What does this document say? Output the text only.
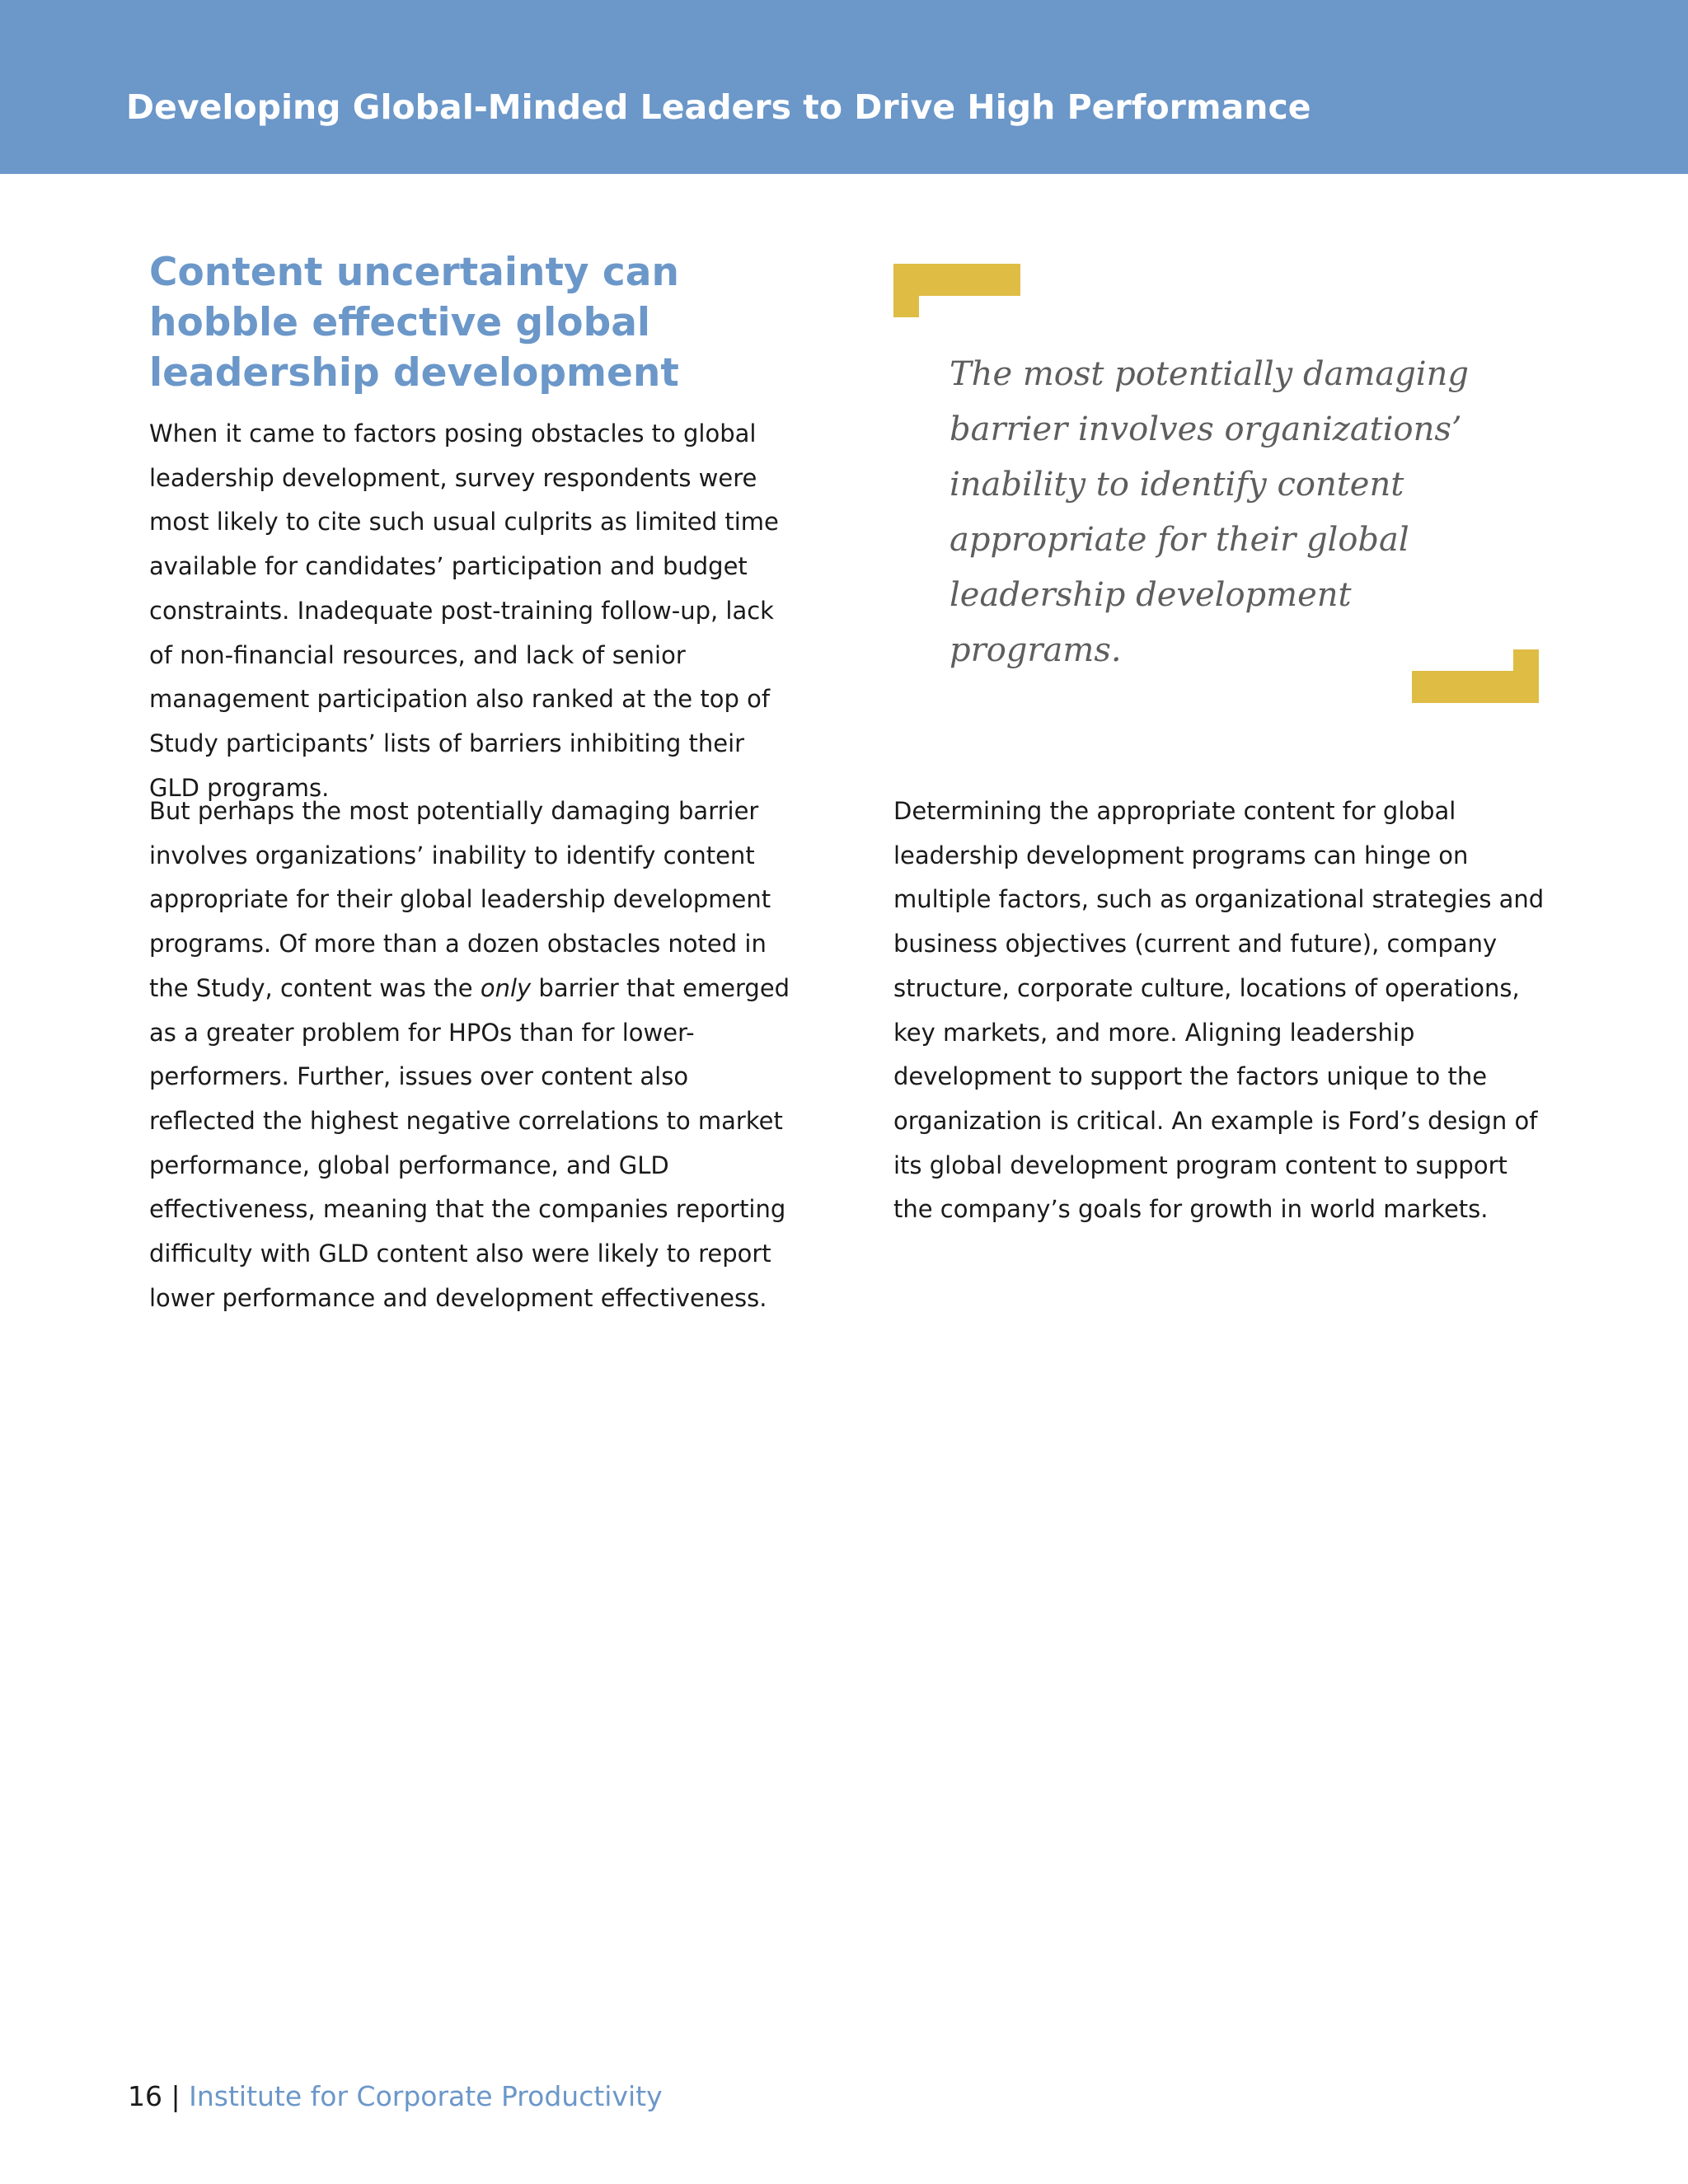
Developing Global-Minded Leaders to Drive High Performance
Content uncertainty can hobble effective global leadership development

When it came to factors posing obstacles to global leadership development, survey respondents were most likely to cite such usual culprits as limited time available for candidates’ participation and budget constraints. Inadequate post-training follow-up, lack of non-financial resources, and lack of senior management participation also ranked at the top of Study participants’ lists of barriers inhibiting their GLD programs.

But perhaps the most potentially damaging barrier involves organizations’ inability to identify content appropriate for their global leadership development programs. Of more than a dozen obstacles noted in the Study, content was the only barrier that emerged as a greater problem for HPOs than for lower-performers. Further, issues over content also reflected the highest negative correlations to market performance, global performance, and GLD effectiveness, meaning that the companies reporting difficulty with GLD content also were likely to report lower performance and development effectiveness.

The most potentially damaging barrier involves organizations’ inability to identify content appropriate for their global leadership development programs.

Determining the appropriate content for global leadership development programs can hinge on multiple factors, such as organizational strategies and business objectives (current and future), company structure, corporate culture, locations of operations, key markets, and more. Aligning leadership development to support the factors unique to the organization is critical. An example is Ford’s design of its global development program content to support the company’s goals for growth in world markets.

16 | Institute for Corporate Productivity
